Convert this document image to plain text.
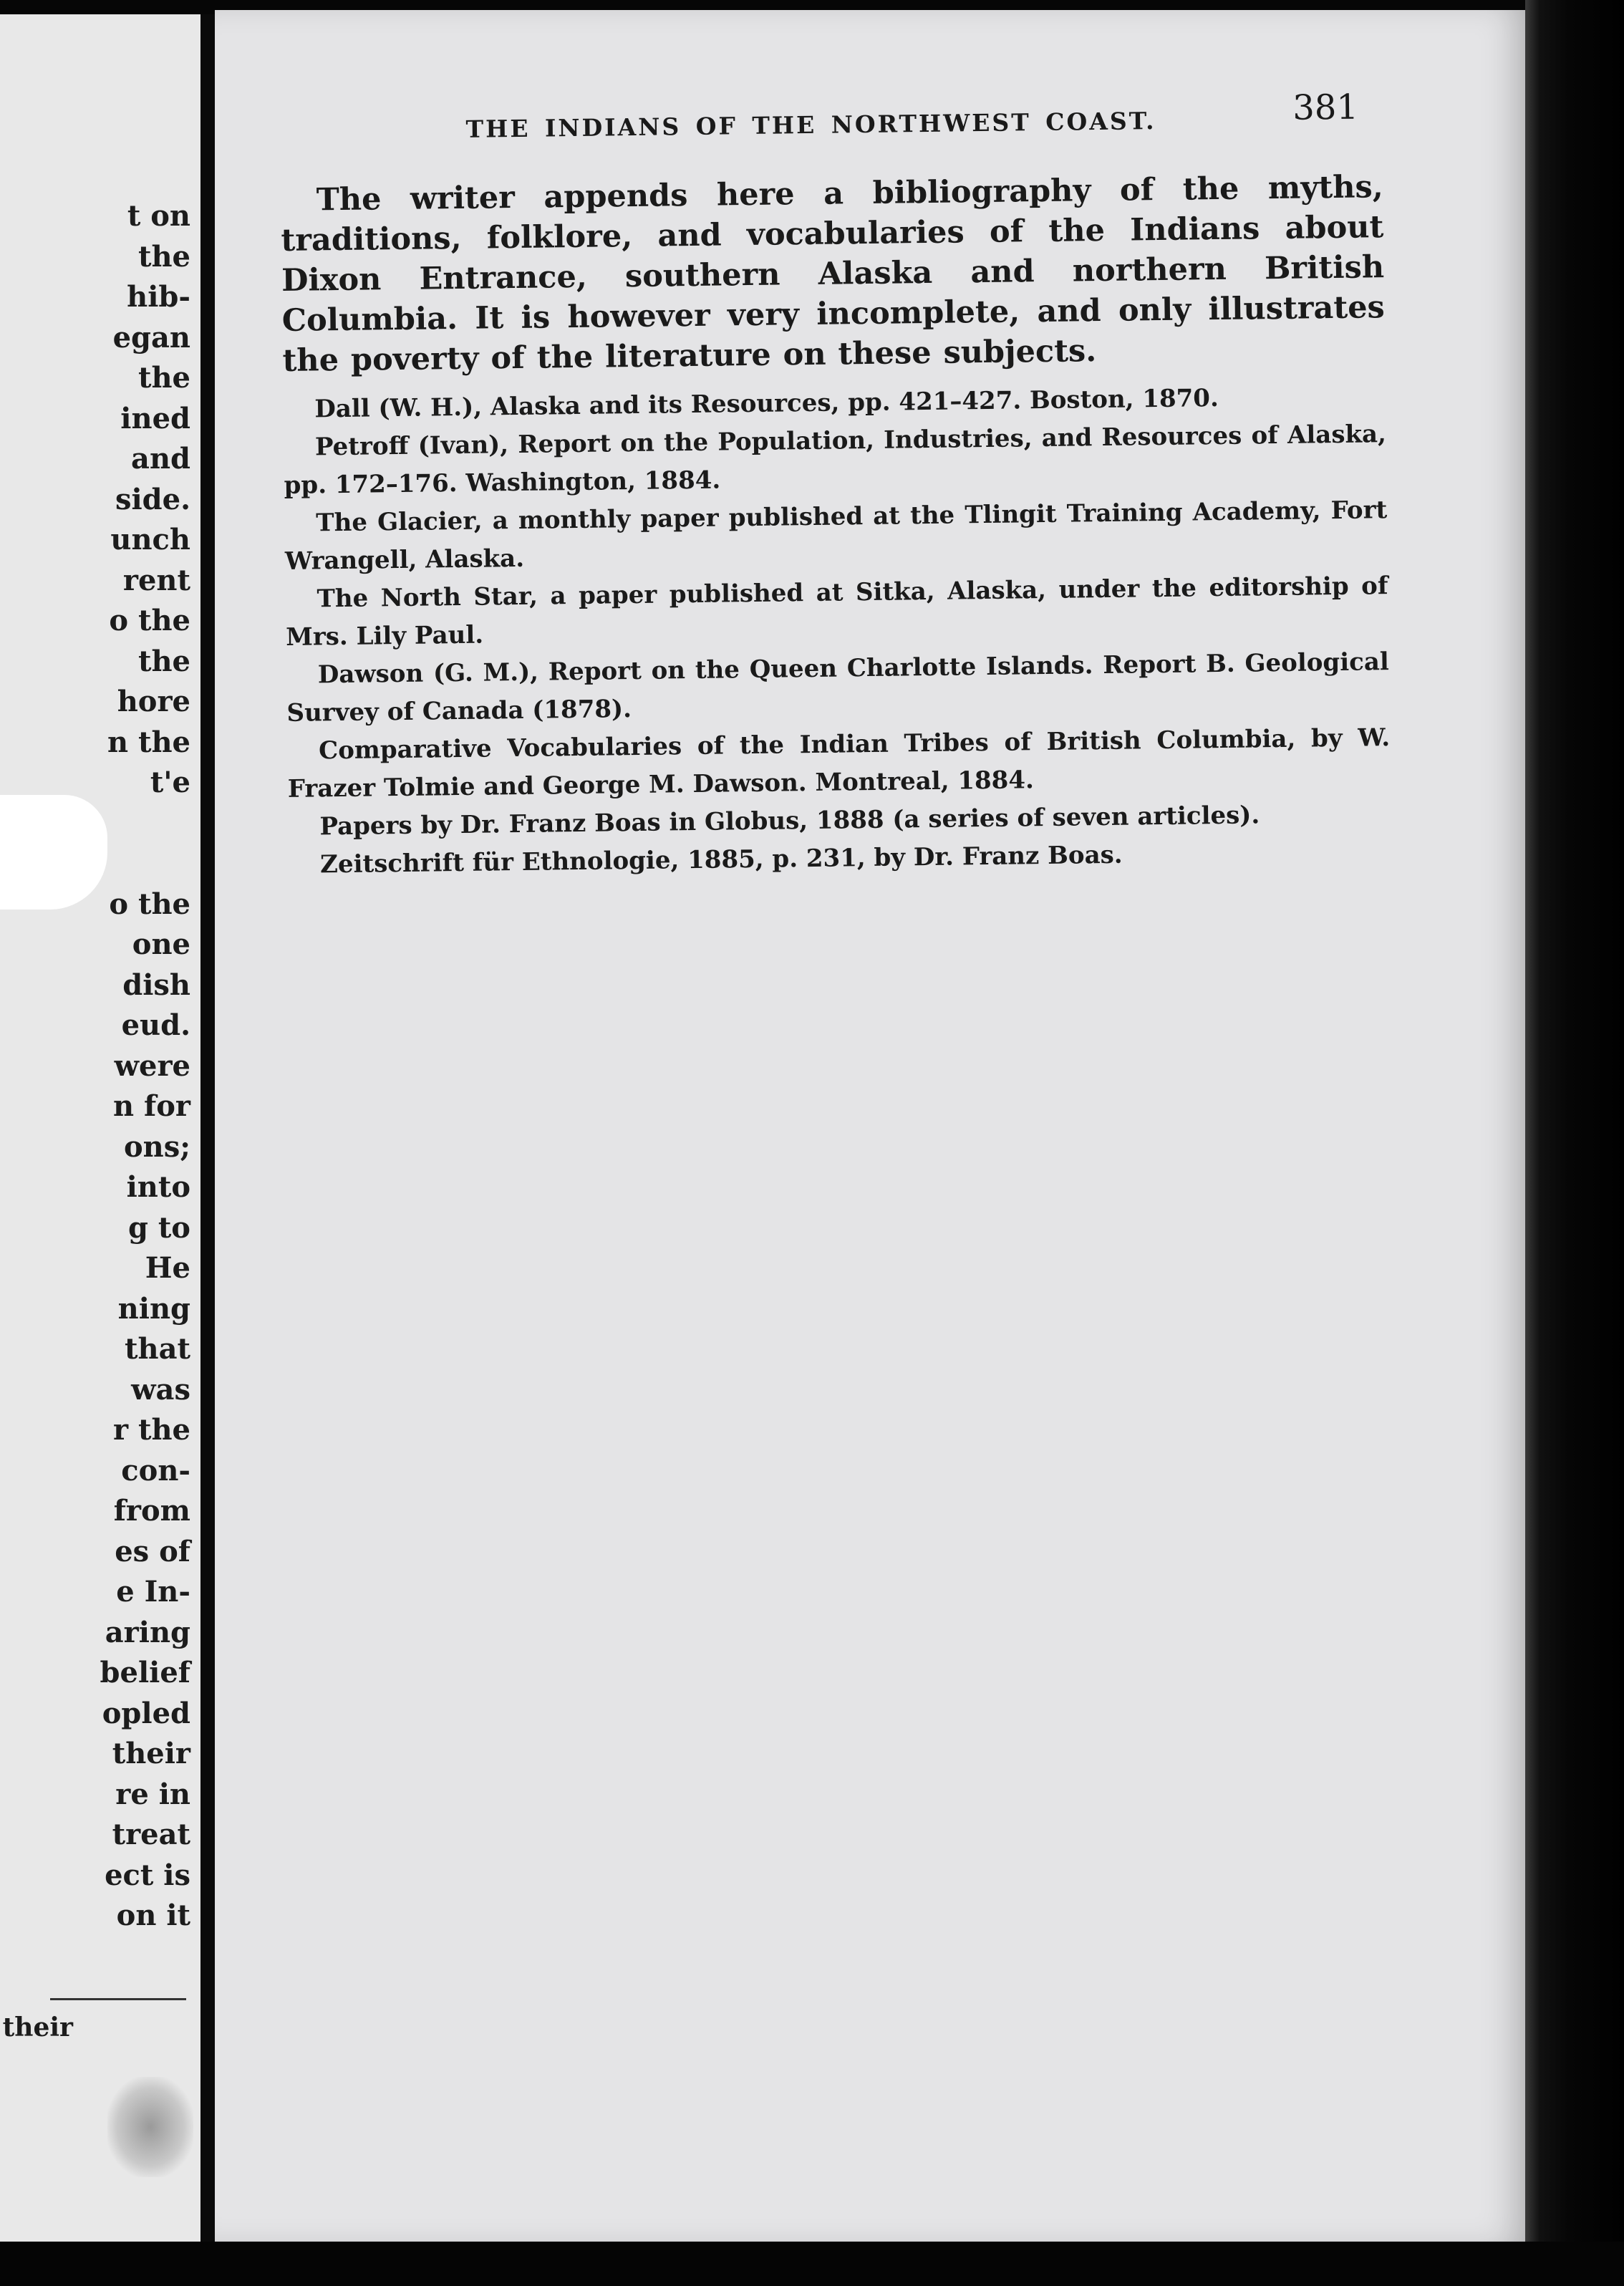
their
t on
the
hib-
egan
the
ined
and
side.
unch
rent
o the
the
hore
n the
t'e
o the
one
dish
eud.
were
n for
ons;
into
g to
He
ning
that
was
r the
con-
from
es of
e In-
aring
belief
opled
their
re in
treat
ect is
on it
THE INDIANS OF THE NORTHWEST COAST.	381

The writer appends here a bibliography of the myths, traditions, folklore, and vocabularies of the Indians about Dixon Entrance, southern Alaska and northern British Columbia. It is however very incomplete, and only illustrates the poverty of the literature on these subjects.

Dall (W. H.), Alaska and its Resources, pp. 421–427. Boston, 1870.
Petroff (Ivan), Report on the Population, Industries, and Resources of Alaska, pp. 172–176. Washington, 1884.
The Glacier, a monthly paper published at the Tlingit Training Academy, Fort Wrangell, Alaska.
The North Star, a paper published at Sitka, Alaska, under the editorship of Mrs. Lily Paul.
Dawson (G. M.), Report on the Queen Charlotte Islands. Report B. Geological Survey of Canada (1878).
Comparative Vocabularies of the Indian Tribes of British Columbia, by W. Frazer Tolmie and George M. Dawson. Montreal, 1884.
Papers by Dr. Franz Boas in Globus, 1888 (a series of seven articles).
Zeitschrift für Ethnologie, 1885, p. 231, by Dr. Franz Boas.
